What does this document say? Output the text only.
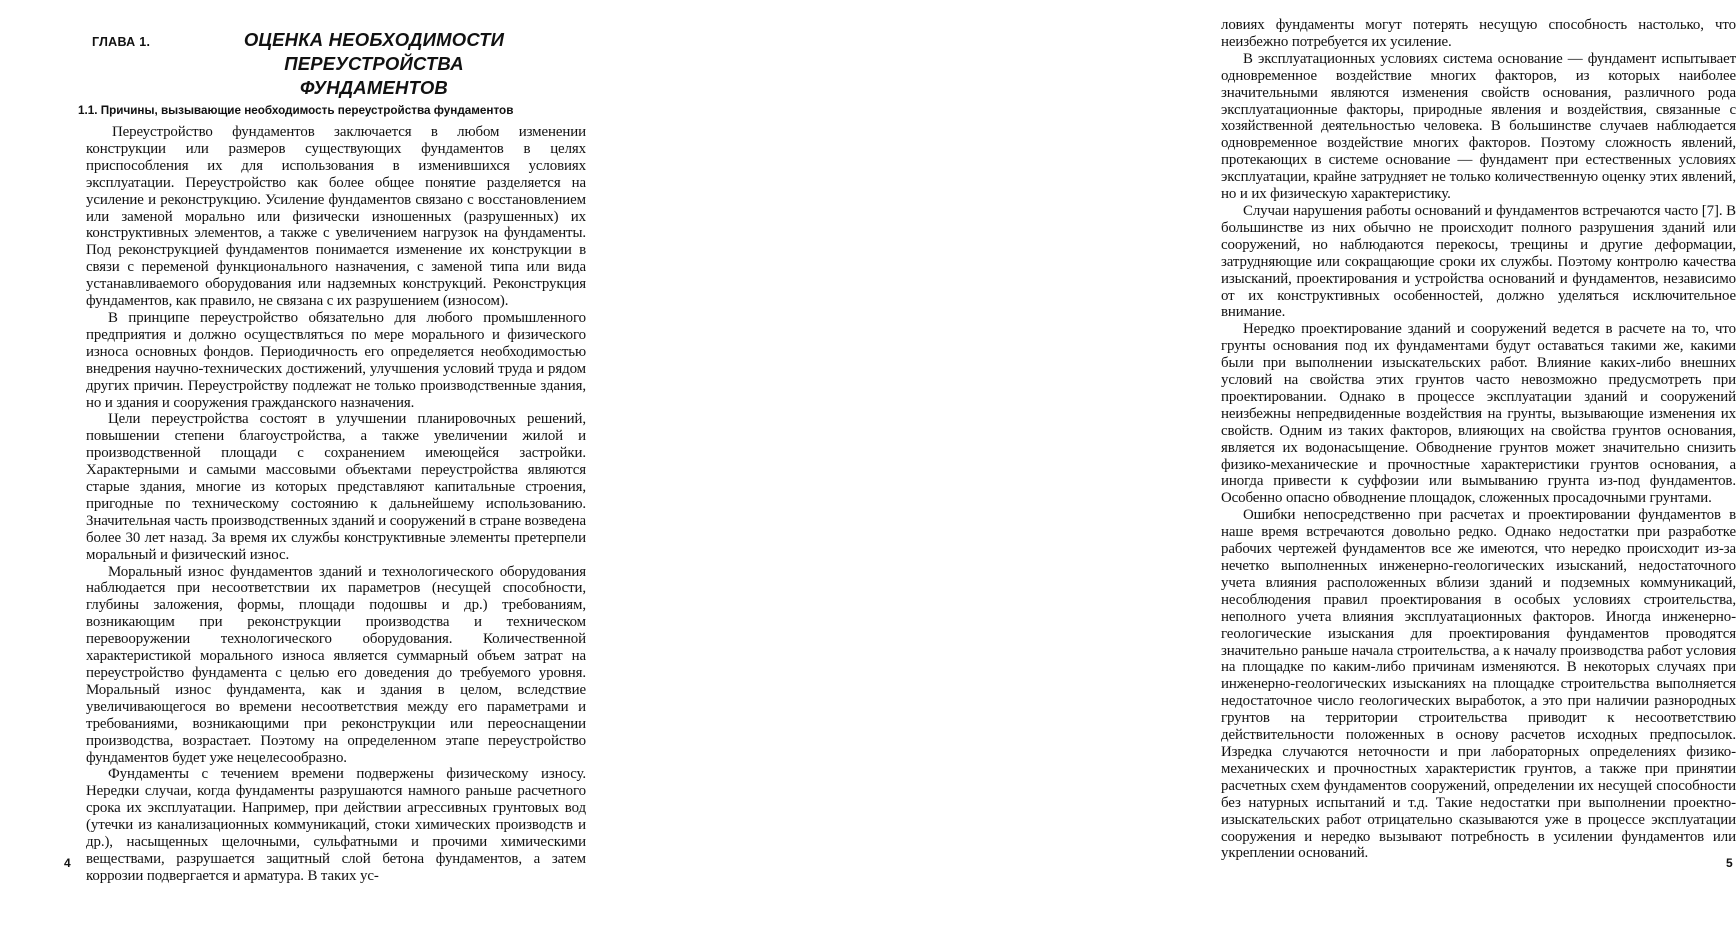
ГЛАВА 1.	ОЦЕНКА НЕОБХОДИМОСТИ ПЕРЕУСТРОЙСТВА
ФУНДАМЕНТОВ
1.1. Причины, вызывающие необходимость переустройства фундаментов

Переустройство фундаментов заключается в любом изменении конструкции или размеров существующих фундаментов в целях приспособления их для использования в изменившихся условиях эксплуатации. Переустройство как более общее понятие разделяется на усиление и реконструкцию. Усиление фундаментов связано с восстановлением или заменой морально или физически изношенных (разрушенных) их конструктивных элементов, а также с увеличением нагрузок на фундаменты. Под реконструкцией фундаментов понимается изменение их конструкции в связи с переменой функционального назначения, с заменой типа или вида устанавливаемого оборудования или надземных конструкций. Реконструкция фундаментов, как правило, не связана с их разрушением (износом).

В принципе переустройство обязательно для любого промышленного предприятия и должно осуществляться по мере морального и физического износа основных фондов. Периодичность его определяется необходимостью внедрения научно-технических достижений, улучшения условий труда и рядом других причин. Переустройству подлежат не только производственные здания, но и здания и сооружения гражданского назначения.

Цели переустройства состоят в улучшении планировочных решений, повышении степени благоустройства, а также увеличении жилой и производственной площади с сохранением имеющейся застройки. Характерными и самыми массовыми объектами переустройства являются старые здания, многие из которых представляют капитальные строения, пригодные по техническому состоянию к дальнейшему использованию. Значительная часть производственных зданий и сооружений в стране возведена более 30 лет назад. За время их службы конструктивные элементы претерпели моральный и физический износ.

Моральный износ фундаментов зданий и технологического оборудования наблюдается при несоответствии их параметров (несущей способности, глубины заложения, формы, площади подошвы и др.) требованиям, возникающим при реконструкции производства и техническом перевооружении технологического оборудования. Количественной характеристикой морального износа является суммарный объем затрат на переустройство фундамента с целью его доведения до требуемого уровня. Моральный износ фундамента, как и здания в целом, вследствие увеличивающегося во времени несоответствия между его параметрами и требованиями, возникающими при реконструкции или переоснащении производства, возрастает. Поэтому на определенном этапе переустройство фундаментов будет уже нецелесообразно.

Фундаменты с течением времени подвержены физическому износу. Нередки случаи, когда фундаменты разрушаются намного раньше расчетного срока их эксплуатации. Например, при действии агрессивных грунтовых вод (утечки из канализационных коммуникаций, стоки химических производств и др.), насыщенных щелочными, сульфатными и прочими химическими веществами, разрушается защитный слой бетона фундаментов, а затем коррозии подвергается и арматура. В таких ус-

4

ловиях фундаменты могут потерять несущую способность настолько, что неизбежно потребуется их усиление.

В эксплуатационных условиях система основание — фундамент испытывает одновременное воздействие многих факторов, из которых наиболее значительными являются изменения свойств основания, различного рода эксплуатационные факторы, природные явления и воздействия, связанные с хозяйственной деятельностью человека. В большинстве случаев наблюдается одновременное воздействие многих факторов. Поэтому сложность явлений, протекающих в системе основание — фундамент при естественных условиях эксплуатации, крайне затрудняет не только количественную оценку этих явлений, но и их физическую характеристику.

Случаи нарушения работы оснований и фундаментов встречаются часто [7]. В большинстве из них обычно не происходит полного разрушения зданий или сооружений, но наблюдаются перекосы, трещины и другие деформации, затрудняющие или сокращающие сроки их службы. Поэтому контролю качества изысканий, проектирования и устройства оснований и фундаментов, независимо от их конструктивных особенностей, должно уделяться исключительное внимание.

Нередко проектирование зданий и сооружений ведется в расчете на то, что грунты основания под их фундаментами будут оставаться такими же, какими были при выполнении изыскательских работ. Влияние каких-либо внешних условий на свойства этих грунтов часто невозможно предусмотреть при проектировании. Однако в процессе эксплуатации зданий и сооружений неизбежны непредвиденные воздействия на грунты, вызывающие изменения их свойств. Одним из таких факторов, влияющих на свойства грунтов основания, является их водонасыщение. Обводнение грунтов может значительно снизить физико-механические и прочностные характеристики грунтов основания, а иногда привести к суффозии или вымыванию грунта из-под фундаментов. Особенно опасно обводнение площадок, сложенных просадочными грунтами.

Ошибки непосредственно при расчетах и проектировании фундаментов в наше время встречаются довольно редко. Однако недостатки при разработке рабочих чертежей фундаментов все же имеются, что нередко происходит из-за нечетко выполненных инженерно-геологических изысканий, недостаточного учета влияния расположенных вблизи зданий и подземных коммуникаций, несоблюдения правил проектирования в особых условиях строительства, неполного учета влияния эксплуатационных факторов. Иногда инженерно-геологические изыскания для проектирования фундаментов проводятся значительно раньше начала строительства, а к началу производства работ условия на площадке по каким-либо причинам изменяются. В некоторых случаях при инженерно-геологических изысканиях на площадке строительства выполняется недостаточное число геологических выработок, а это при наличии разнородных грунтов на территории строительства приводит к несоответствию действительности положенных в основу расчетов исходных предпосылок. Изредка случаются неточности и при лабораторных определениях физико-механических и прочностных характеристик грунтов, а также при принятии расчетных схем фундаментов сооружений, определении их несущей способности без натурных испытаний и т.д. Такие недостатки при выполнении проектно-изыскательских работ отрицательно сказываются уже в процессе эксплуатации сооружения и нередко вызывают потребность в усилении фундаментов или укреплении оснований.

5
